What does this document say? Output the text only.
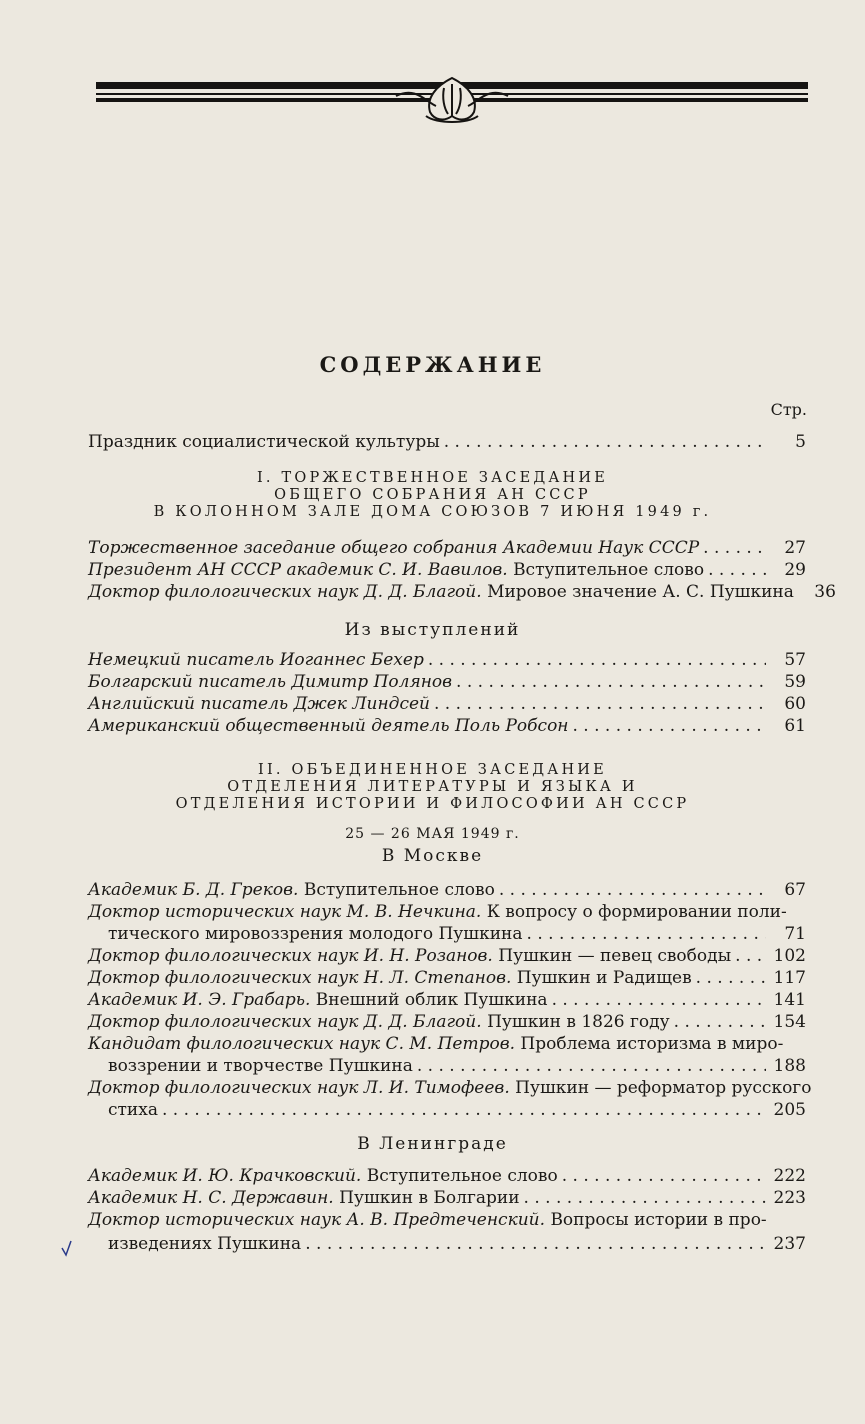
СОДЕРЖАНИЕ
Стр.
Праздник социалистической культуры . . .	5
I. ТОРЖЕСТВЕННОЕ ЗАСЕДАНИЕ
ОБЩЕГО СОБРАНИЯ АН СССР
В КОЛОННОМ ЗАЛЕ ДОМА СОЮЗОВ 7 ИЮНЯ 1949 г.
Торжественное заседание общего собрания Академии Наук СССР . . .	27
Президент АН СССР академик С. И. Вавилов. Вступительное слово . . .	29
Доктор филологических наук Д. Д. Благой. Мировое значение А. С. Пушкина	36
Из выступлений
Немецкий писатель Иоганнес Бехер . . .	57
Болгарский писатель Димитр Полянов . . .	59
Английский писатель Джек Линдсей . . .	60
Американский общественный деятель Поль Робсон . . .	61
II. ОБЪЕДИНЕННОЕ ЗАСЕДАНИЕ
ОТДЕЛЕНИЯ ЛИТЕРАТУРЫ И ЯЗЫКА И
ОТДЕЛЕНИЯ ИСТОРИИ И ФИЛОСОФИИ АН СССР
25 — 26 МАЯ 1949 г.
В Москве
Академик Б. Д. Греков. Вступительное слово . . .	67
Доктор исторических наук М. В. Нечкина. К вопросу о формировании поли-
тического мировоззрения молодого Пушкина . . .	71
Доктор филологических наук И. Н. Розанов. Пушкин — певец свободы . . . 102
Доктор филологических наук Н. Л. Степанов. Пушкин и Радищев . . .	117
Академик И. Э. Грабарь. Внешний облик Пушкина . . .	141
Доктор филологических наук Д. Д. Благой. Пушкин в 1826 году . . .	154
Кандидат филологических наук С. М. Петров. Проблема историзма в миро-
воззрении и творчестве Пушкина . . .	188
Доктор филологических наук Л. И. Тимофеев. Пушкин — реформатор русского
стиха . . .	205
В Ленинграде
Академик И. Ю. Крачковский. Вступительное слово . . .	222
Академик Н. С. Державин. Пушкин в Болгарии . . .	223
Доктор исторических наук А. В. Предтеченский. Вопросы истории в про-
изведениях Пушкина . . .	237
